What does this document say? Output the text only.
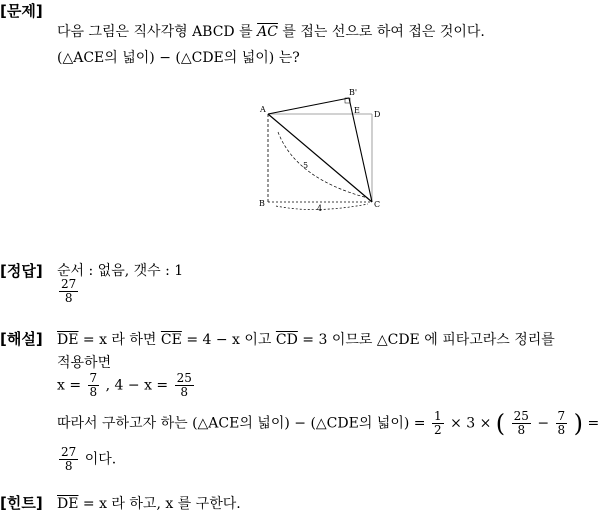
[문제]
다음 그림은 직사각형 ABCD 를 $\overline{AC}$ 를 접는 선으로 하여 접은 것이다.
(△ACE의 넓이) − (△CDE의 넓이) 는?
A
B'
E D
B	C
5
4
[정답] 순서 : 없음, 갯수 : 1
$\frac{27}{8}$
[해설] $\overline{DE} = x$ 라 하면 $\overline{CE} = 4 - x$ 이고 $\overline{CD} = 3$ 이므로 △CDE 에 피타고라스 정리를
적용하면
$x = \frac{7}{8}$ , $4 - x = \frac{25}{8}$
따라서 구하고자 하는 (△ACE의 넓이) − (△CDE의 넓이) = $\frac{1}{2} \times 3$ × ( $\frac{25}{8} - \frac{7}{8}$ ) =
$\frac{27}{8}$ 이다.
[힌트] $\overline{DE} = x$ 라 하고, x 를 구한다.
